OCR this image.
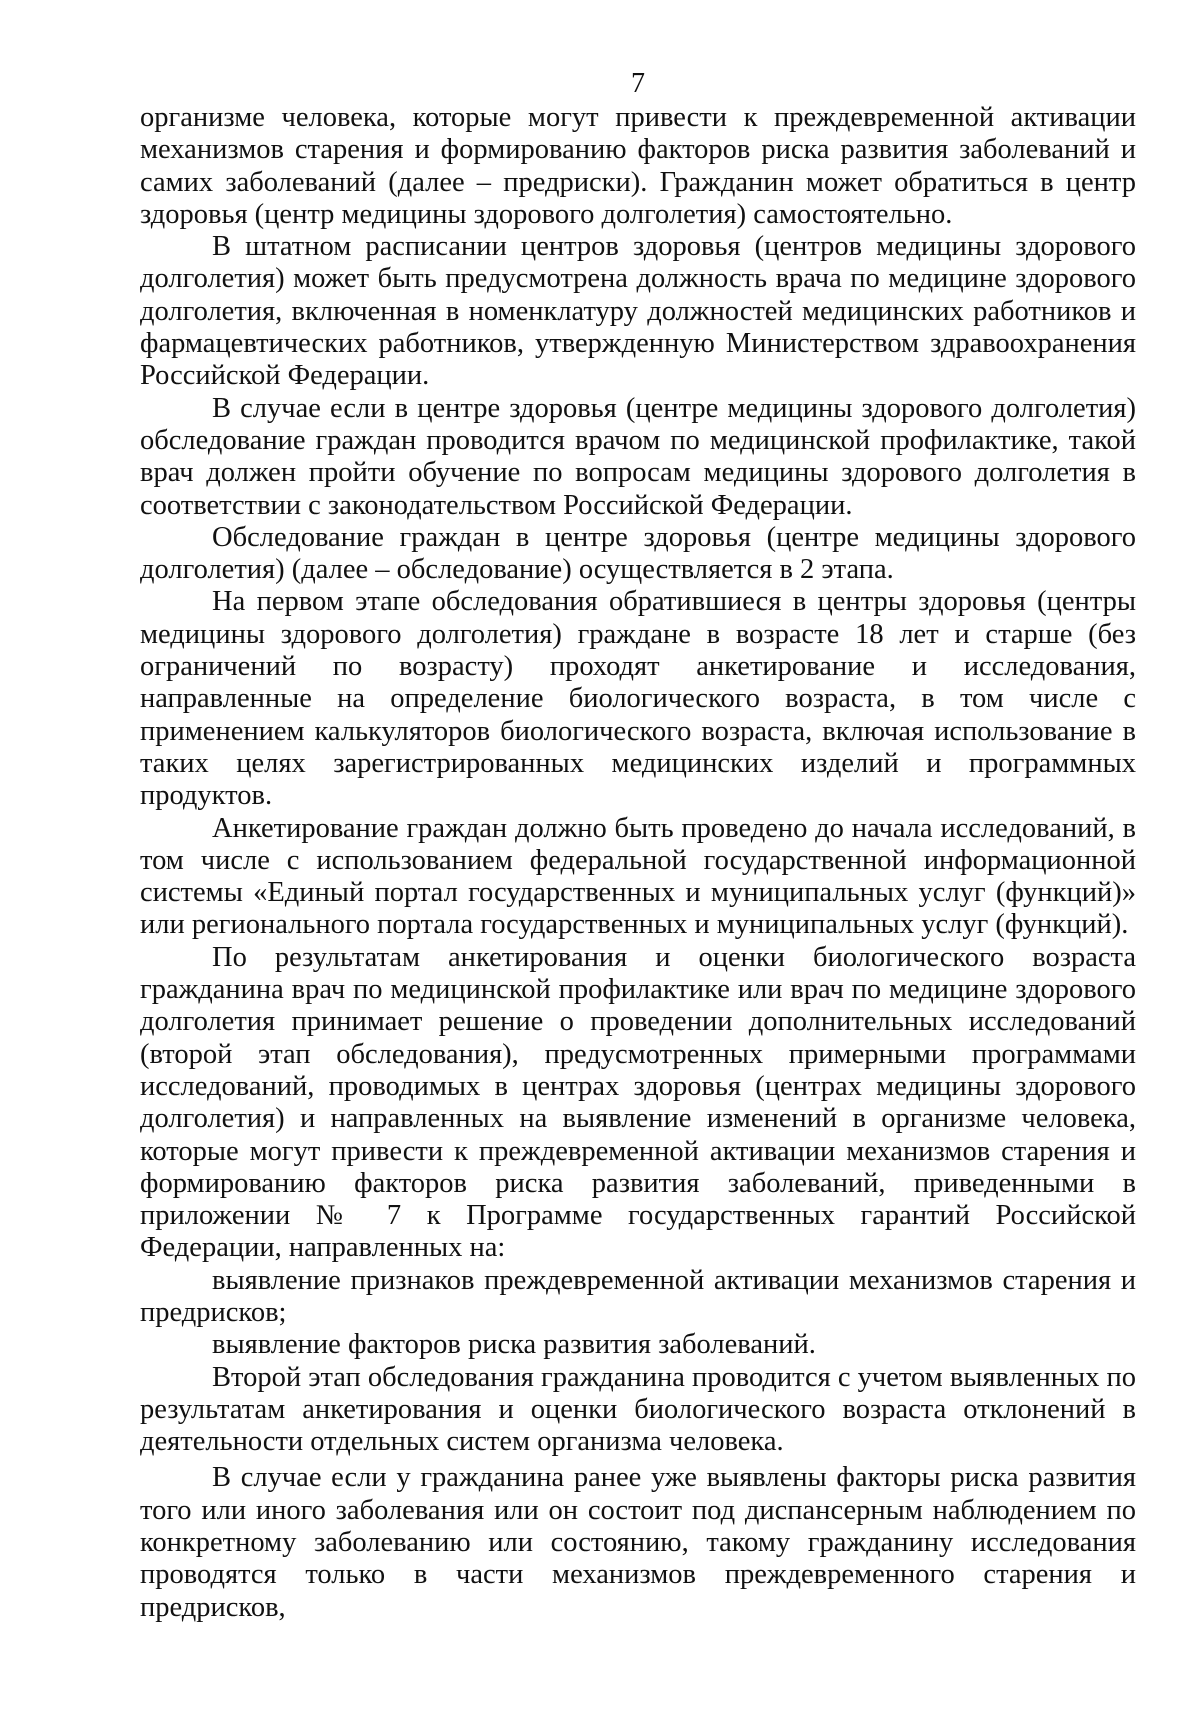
7

организме человека, которые могут привести к преждевременной активации механизмов старения и формированию факторов риска развития заболеваний и самих заболеваний (далее – предриски). Гражданин может обратиться в центр здоровья (центр медицины здорового долголетия) самостоятельно.

В штатном расписании центров здоровья (центров медицины здорового долголетия) может быть предусмотрена должность врача по медицине здорового долголетия, включенная в номенклатуру должностей медицинских работников и фармацевтических работников, утвержденную Министерством здравоохранения Российской Федерации.

В случае если в центре здоровья (центре медицины здорового долголетия) обследование граждан проводится врачом по медицинской профилактике, такой врач должен пройти обучение по вопросам медицины здорового долголетия в соответствии с законодательством Российской Федерации.

Обследование граждан в центре здоровья (центре медицины здорового долголетия) (далее – обследование) осуществляется в 2 этапа.

На первом этапе обследования обратившиеся в центры здоровья (центры медицины здорового долголетия) граждане в возрасте 18 лет и старше (без ограничений по возрасту) проходят анкетирование и исследования, направленные на определение биологического возраста, в том числе с применением калькуляторов биологического возраста, включая использование в таких целях зарегистрированных медицинских изделий и программных продуктов.

Анкетирование граждан должно быть проведено до начала исследований, в том числе с использованием федеральной государственной информационной системы «Единый портал государственных и муниципальных услуг (функций)» или регионального портала государственных и муниципальных услуг (функций).

По результатам анкетирования и оценки биологического возраста гражданина врач по медицинской профилактике или врач по медицине здорового долголетия принимает решение о проведении дополнительных исследований (второй этап обследования), предусмотренных примерными программами исследований, проводимых в центрах здоровья (центрах медицины здорового долголетия) и направленных на выявление изменений в организме человека, которые могут привести к преждевременной активации механизмов старения и формированию факторов риска развития заболеваний, приведенными в приложении № 7 к Программе государственных гарантий Российской Федерации, направленных на:

выявление признаков преждевременной активации механизмов старения и предрисков;

выявление факторов риска развития заболеваний.

Второй этап обследования гражданина проводится с учетом выявленных по результатам анкетирования и оценки биологического возраста отклонений в деятельности отдельных систем организма человека.

В случае если у гражданина ранее уже выявлены факторы риска развития того или иного заболевания или он состоит под диспансерным наблюдением по конкретному заболеванию или состоянию, такому гражданину исследования проводятся только в части механизмов преждевременного старения и предрисков,
